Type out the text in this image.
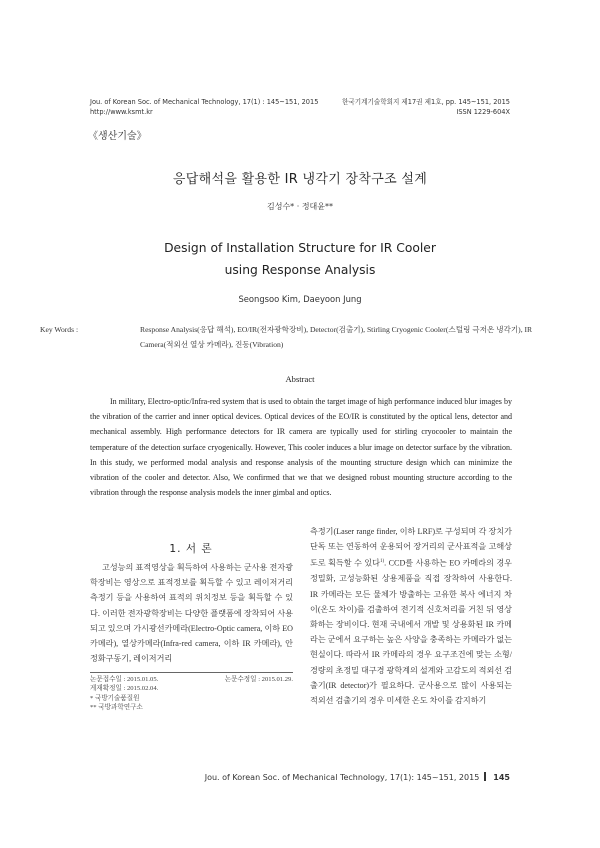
Jou. of Korean Soc. of Mechanical Technology, 17(1) : 145~151, 2015
http://www.ksmt.kr
한국기계기술학회지 제17권 제1호, pp. 145~151, 2015
ISSN 1229-604X
《생산기술》
응답해석을 활용한 IR 냉각기 장착구조 설계
김성수* · 정대윤**
Design of Installation Structure for IR Cooler
using Response Analysis
Seongsoo Kim, Daeyoon Jung
Key Words :	Response Analysis(응답 해석), EO/IR(전자광학장비), Detector(검출기), Stirling Cryogenic Cooler(스털링 극저온 냉각기), IR Camera(적외선 열상 카메라), 진동(Vibration)
Abstract
In military, Electro-optic/Infra-red system that is used to obtain the target image of high performance induced blur images by the vibration of the carrier and inner optical devices. Optical devices of the EO/IR is constituted by the optical lens, detector and mechanical assembly. High performance detectors for IR camera are typically used for stirling cryocooler to maintain the temperature of the detection surface cryogenically. However, This cooler induces a blur image on detector surface by the vibration. In this study, we performed modal analysis and response analysis of the mounting structure design which can minimize the vibration of the cooler and detector. Also, We confirmed that we that we designed robust mounting structure according to the vibration through the response analysis models the inner gimbal and optics.
1. 서 론
고성능의 표적영상을 획득하여 사용하는 군사용 전자광학장비는 영상으로 표적정보를 획득할 수 있고 레이저거리측정기 등을 사용하여 표적의 위치정보 등을 획득할 수 있다. 이러한 전자광학장비는 다양한 플랫폼에 장착되어 사용되고 있으며 가시광선카메라(Electro-Optic camera, 이하 EO 카메라), 열상카메라(Infra-red camera, 이하 IR 카메라), 안정화구동기, 레이저거리

측정기(Laser range finder, 이하 LRF)로 구성되며 각 장치가 단독 또는 연동하여 운용되어 장거리의 군사표적을 고해상도로 획득할 수 있다$^{1)}$. CCD를 사용하는 EO 카메라의 경우 정밀화, 고성능화된 상용제품을 직접 장착하여 사용한다. IR 카메라는 모든 물체가 방출하는 고유한 복사 에너지 차이(온도 차이)를 검출하여 전기적 신호처리를 거친 뒤 영상화하는 장비이다. 현재 국내에서 개발 및 상용화된 IR 카메라는 군에서 요구하는 높은 사양을 충족하는 카메라가 없는 현실이다. 따라서 IR 카메라의 경우 요구조건에 맞는 소형/경량의 초정밀 대구경 광학계의 설계와 고감도의 적외선 검출기(IR detector)가 필요하다. 군사용으로 많이 사용되는 적외선 검출기의 경우 미세한 온도 차이를 감지하기

논문접수일 : 2015.01.05.	논문수정일 : 2015.01.29.
게재확정일 : 2015.02.04.
* 국방기술품질원
** 국방과학연구소
Jou. of Korean Soc. of Mechanical Technology, 17(1): 145~151, 2015 145
